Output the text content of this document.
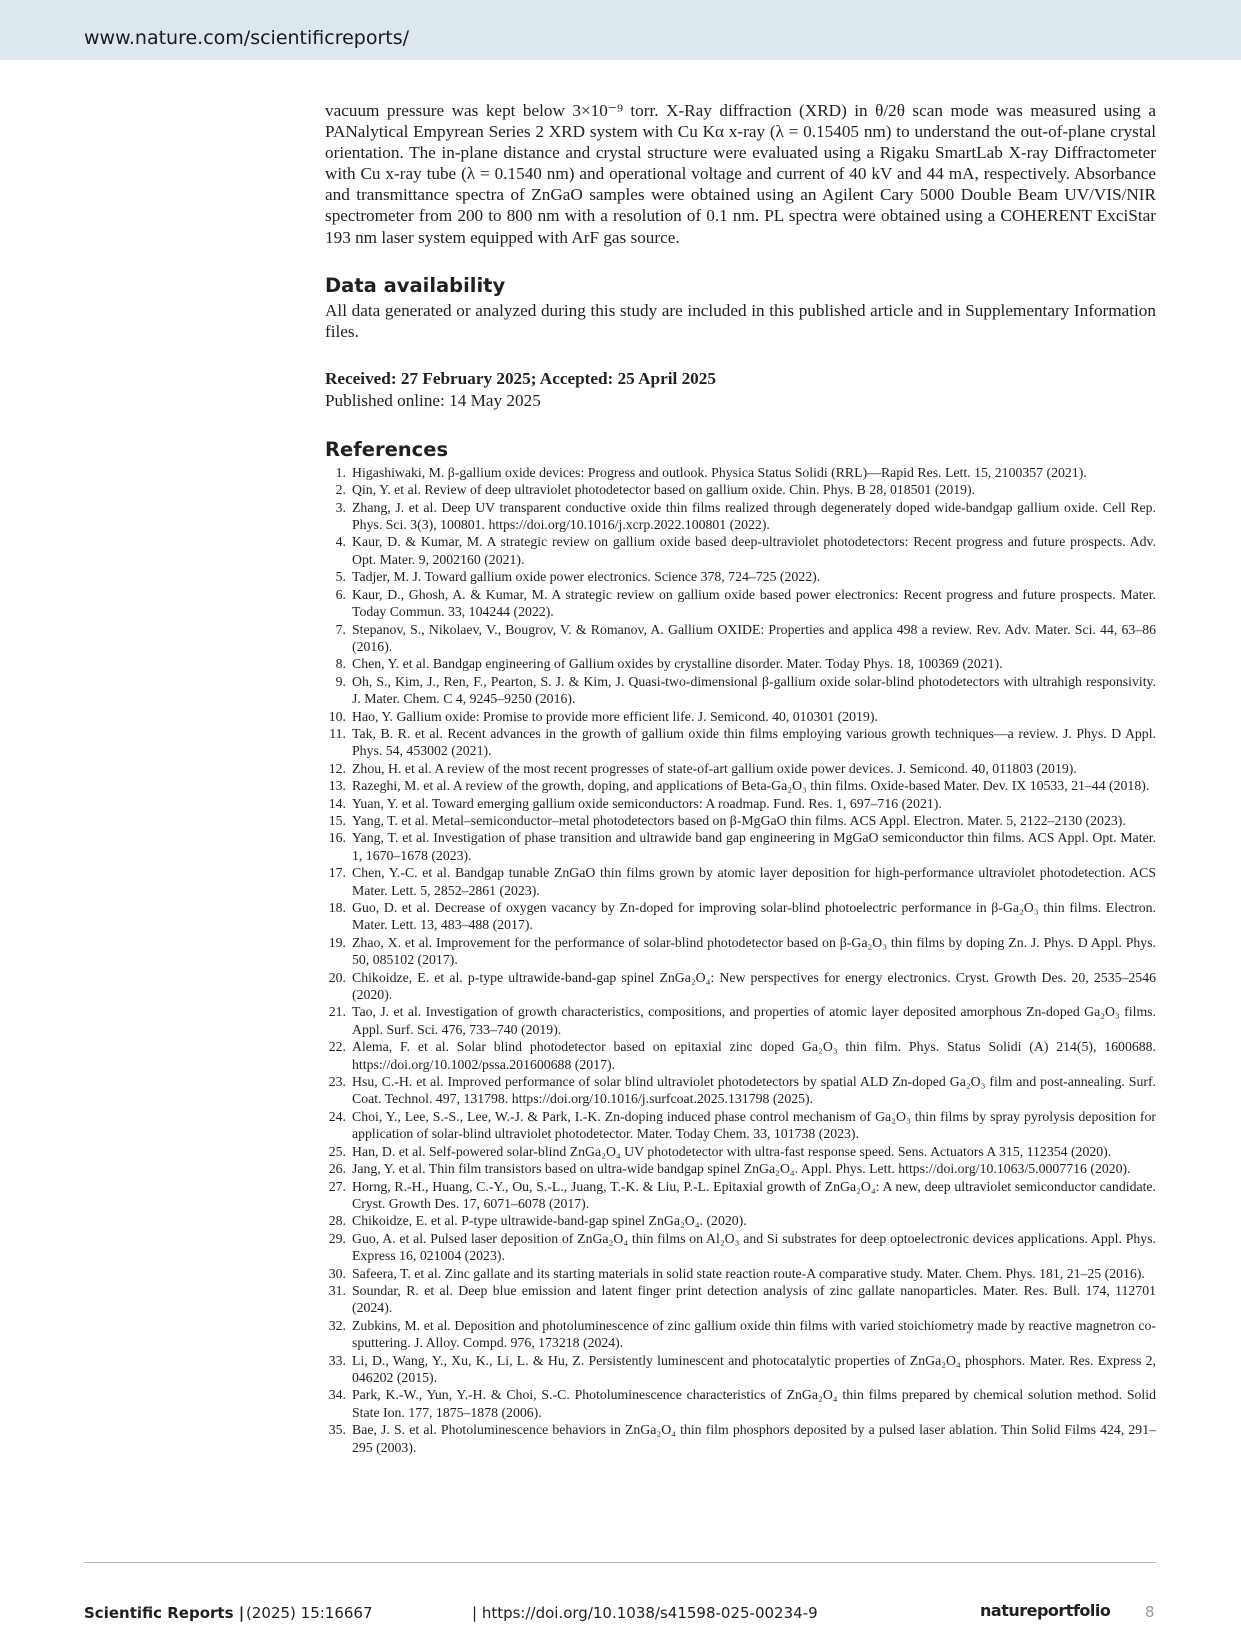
www.nature.com/scientificreports/

vacuum pressure was kept below 3×10⁻⁹ torr. X-Ray diffraction (XRD) in θ/2θ scan mode was measured using a PANalytical Empyrean Series 2 XRD system with Cu Kα x-ray (λ = 0.15405 nm) to understand the out-of-plane crystal orientation. The in-plane distance and crystal structure were evaluated using a Rigaku SmartLab X-ray Diffractometer with Cu x-ray tube (λ = 0.1540 nm) and operational voltage and current of 40 kV and 44 mA, respectively. Absorbance and transmittance spectra of ZnGaO samples were obtained using an Agilent Cary 5000 Double Beam UV/VIS/NIR spectrometer from 200 to 800 nm with a resolution of 0.1 nm. PL spectra were obtained using a COHERENT ExciStar 193 nm laser system equipped with ArF gas source.

Data availability

All data generated or analyzed during this study are included in this published article and in Supplementary Information files.

Received: 27 February 2025; Accepted: 25 April 2025
Published online: 14 May 2025
References
1. Higashiwaki, M. β-gallium oxide devices: Progress and outlook. Physica Status Solidi (RRL)—Rapid Res. Lett. 15, 2100357 (2021).
2. Qin, Y. et al. Review of deep ultraviolet photodetector based on gallium oxide. Chin. Phys. B 28, 018501 (2019).
3. Zhang, J. et al. Deep UV transparent conductive oxide thin films realized through degenerately doped wide-bandgap gallium oxide. Cell Rep. Phys. Sci. 3(3), 100801. https://doi.org/10.1016/j.xcrp.2022.100801 (2022).
4. Kaur, D. & Kumar, M. A strategic review on gallium oxide based deep-ultraviolet photodetectors: Recent progress and future prospects. Adv. Opt. Mater. 9, 2002160 (2021).
5. Tadjer, M. J. Toward gallium oxide power electronics. Science 378, 724–725 (2022).
6. Kaur, D., Ghosh, A. & Kumar, M. A strategic review on gallium oxide based power electronics: Recent progress and future prospects. Mater. Today Commun. 33, 104244 (2022).
7. Stepanov, S., Nikolaev, V., Bougrov, V. & Romanov, A. Gallium OXIDE: Properties and applica 498 a review. Rev. Adv. Mater. Sci. 44, 63–86 (2016).
8. Chen, Y. et al. Bandgap engineering of Gallium oxides by crystalline disorder. Mater. Today Phys. 18, 100369 (2021).
9. Oh, S., Kim, J., Ren, F., Pearton, S. J. & Kim, J. Quasi-two-dimensional β-gallium oxide solar-blind photodetectors with ultrahigh responsivity. J. Mater. Chem. C 4, 9245–9250 (2016).
10. Hao, Y. Gallium oxide: Promise to provide more efficient life. J. Semicond. 40, 010301 (2019).
11. Tak, B. R. et al. Recent advances in the growth of gallium oxide thin films employing various growth techniques—a review. J. Phys. D Appl. Phys. 54, 453002 (2021).
12. Zhou, H. et al. A review of the most recent progresses of state-of-art gallium oxide power devices. J. Semicond. 40, 011803 (2019).
13. Razeghi, M. et al. A review of the growth, doping, and applications of Beta-Ga₂O₃ thin films. Oxide-based Mater. Dev. IX 10533, 21–44 (2018).
14. Yuan, Y. et al. Toward emerging gallium oxide semiconductors: A roadmap. Fund. Res. 1, 697–716 (2021).
15. Yang, T. et al. Metal–semiconductor–metal photodetectors based on β-MgGaO thin films. ACS Appl. Electron. Mater. 5, 2122–2130 (2023).
16. Yang, T. et al. Investigation of phase transition and ultrawide band gap engineering in MgGaO semiconductor thin films. ACS Appl. Opt. Mater. 1, 1670–1678 (2023).
17. Chen, Y.-C. et al. Bandgap tunable ZnGaO thin films grown by atomic layer deposition for high-performance ultraviolet photodetection. ACS Mater. Lett. 5, 2852–2861 (2023).
18. Guo, D. et al. Decrease of oxygen vacancy by Zn-doped for improving solar-blind photoelectric performance in β-Ga₂O₃ thin films. Electron. Mater. Lett. 13, 483–488 (2017).
19. Zhao, X. et al. Improvement for the performance of solar-blind photodetector based on β-Ga₂O₃ thin films by doping Zn. J. Phys. D Appl. Phys. 50, 085102 (2017).
20. Chikoidze, E. et al. p-type ultrawide-band-gap spinel ZnGa₂O₄: New perspectives for energy electronics. Cryst. Growth Des. 20, 2535–2546 (2020).
21. Tao, J. et al. Investigation of growth characteristics, compositions, and properties of atomic layer deposited amorphous Zn-doped Ga₂O₃ films. Appl. Surf. Sci. 476, 733–740 (2019).
22. Alema, F. et al. Solar blind photodetector based on epitaxial zinc doped Ga₂O₃ thin film. Phys. Status Solidi (A) 214(5), 1600688. https://doi.org/10.1002/pssa.201600688 (2017).
23. Hsu, C.-H. et al. Improved performance of solar blind ultraviolet photodetectors by spatial ALD Zn-doped Ga₂O₃ film and post-annealing. Surf. Coat. Technol. 497, 131798. https://doi.org/10.1016/j.surfcoat.2025.131798 (2025).
24. Choi, Y., Lee, S.-S., Lee, W.-J. & Park, I.-K. Zn-doping induced phase control mechanism of Ga₂O₃ thin films by spray pyrolysis deposition for application of solar-blind ultraviolet photodetector. Mater. Today Chem. 33, 101738 (2023).
25. Han, D. et al. Self-powered solar-blind ZnGa₂O₄ UV photodetector with ultra-fast response speed. Sens. Actuators A 315, 112354 (2020).
26. Jang, Y. et al. Thin film transistors based on ultra-wide bandgap spinel ZnGa₂O₄. Appl. Phys. Lett. https://doi.org/10.1063/5.0007716 (2020).
27. Horng, R.-H., Huang, C.-Y., Ou, S.-L., Juang, T.-K. & Liu, P.-L. Epitaxial growth of ZnGa₂O₄: A new, deep ultraviolet semiconductor candidate. Cryst. Growth Des. 17, 6071–6078 (2017).
28. Chikoidze, E. et al. P-type ultrawide-band-gap spinel ZnGa₂O₄. (2020).
29. Guo, A. et al. Pulsed laser deposition of ZnGa₂O₄ thin films on Al₂O₃ and Si substrates for deep optoelectronic devices applications. Appl. Phys. Express 16, 021004 (2023).
30. Safeera, T. et al. Zinc gallate and its starting materials in solid state reaction route-A comparative study. Mater. Chem. Phys. 181, 21–25 (2016).
31. Soundar, R. et al. Deep blue emission and latent finger print detection analysis of zinc gallate nanoparticles. Mater. Res. Bull. 174, 112701 (2024).
32. Zubkins, M. et al. Deposition and photoluminescence of zinc gallium oxide thin films with varied stoichiometry made by reactive magnetron co-sputtering. J. Alloy. Compd. 976, 173218 (2024).
33. Li, D., Wang, Y., Xu, K., Li, L. & Hu, Z. Persistently luminescent and photocatalytic properties of ZnGa₂O₄ phosphors. Mater. Res. Express 2, 046202 (2015).
34. Park, K.-W., Yun, Y.-H. & Choi, S.-C. Photoluminescence characteristics of ZnGa₂O₄ thin films prepared by chemical solution method. Solid State Ion. 177, 1875–1878 (2006).
35. Bae, J. S. et al. Photoluminescence behaviors in ZnGa₂O₄ thin film phosphors deposited by a pulsed laser ablation. Thin Solid Films 424, 291–295 (2003).
Scientific Reports | (2025) 15:16667	| https://doi.org/10.1038/s41598-025-00234-9	natureportfolio 8
